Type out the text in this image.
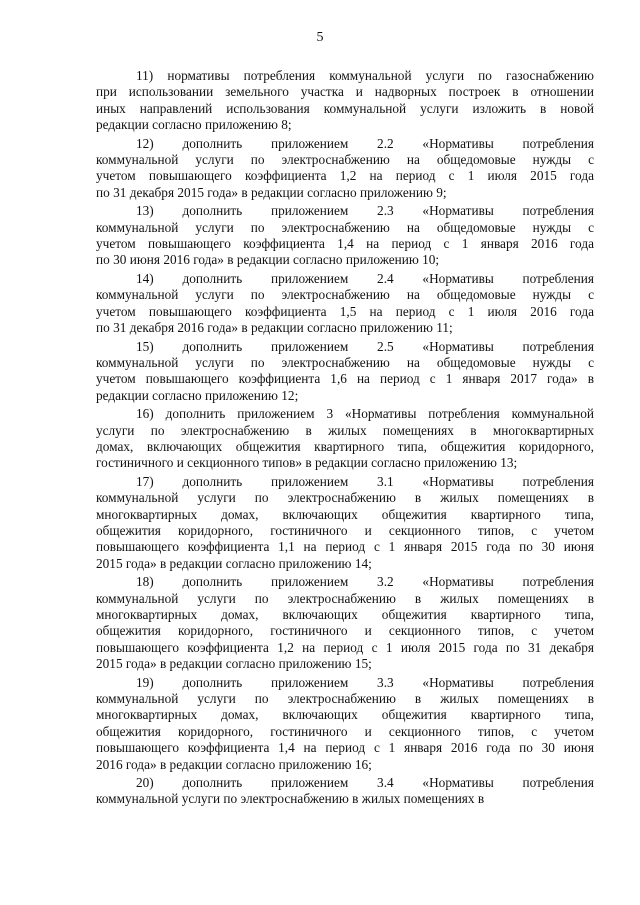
5
11) нормативы потребления коммунальной услуги по газоснабжению
при использовании земельного участка и надворных построек в отношении
иных направлений использования коммунальной услуги изложить в новой
редакции согласно приложению 8;
12) дополнить приложением 2.2 «Нормативы потребления
коммунальной услуги по электроснабжению на общедомовые нужды с
учетом повышающего коэффициента 1,2 на период с 1 июля 2015 года
по 31 декабря 2015 года» в редакции согласно приложению 9;
13) дополнить приложением 2.3 «Нормативы потребления
коммунальной услуги по электроснабжению на общедомовые нужды с
учетом повышающего коэффициента 1,4 на период с 1 января 2016 года
по 30 июня 2016 года» в редакции согласно приложению 10;
14) дополнить приложением 2.4 «Нормативы потребления
коммунальной услуги по электроснабжению на общедомовые нужды с
учетом повышающего коэффициента 1,5 на период с 1 июля 2016 года
по 31 декабря 2016 года» в редакции согласно приложению 11;
15) дополнить приложением 2.5 «Нормативы потребления
коммунальной услуги по электроснабжению на общедомовые нужды с
учетом повышающего коэффициента 1,6 на период с 1 января 2017 года» в
редакции согласно приложению 12;
16) дополнить приложением 3 «Нормативы потребления коммунальной
услуги по электроснабжению в жилых помещениях в многоквартирных
домах, включающих общежития квартирного типа, общежития коридорного,
гостиничного и секционного типов» в редакции согласно приложению 13;
17) дополнить приложением 3.1 «Нормативы потребления
коммунальной услуги по электроснабжению в жилых помещениях в
многоквартирных домах, включающих общежития квартирного типа,
общежития коридорного, гостиничного и секционного типов, с учетом
повышающего коэффициента 1,1 на период с 1 января 2015 года по 30 июня
2015 года» в редакции согласно приложению 14;
18) дополнить приложением 3.2 «Нормативы потребления
коммунальной услуги по электроснабжению в жилых помещениях в
многоквартирных домах, включающих общежития квартирного типа,
общежития коридорного, гостиничного и секционного типов, с учетом
повышающего коэффициента 1,2 на период с 1 июля 2015 года по 31 декабря
2015 года» в редакции согласно приложению 15;
19) дополнить приложением 3.3 «Нормативы потребления
коммунальной услуги по электроснабжению в жилых помещениях в
многоквартирных домах, включающих общежития квартирного типа,
общежития коридорного, гостиничного и секционного типов, с учетом
повышающего коэффициента 1,4 на период с 1 января 2016 года по 30 июня
2016 года» в редакции согласно приложению 16;
20) дополнить приложением 3.4 «Нормативы потребления
коммунальной услуги по электроснабжению в жилых помещениях в
